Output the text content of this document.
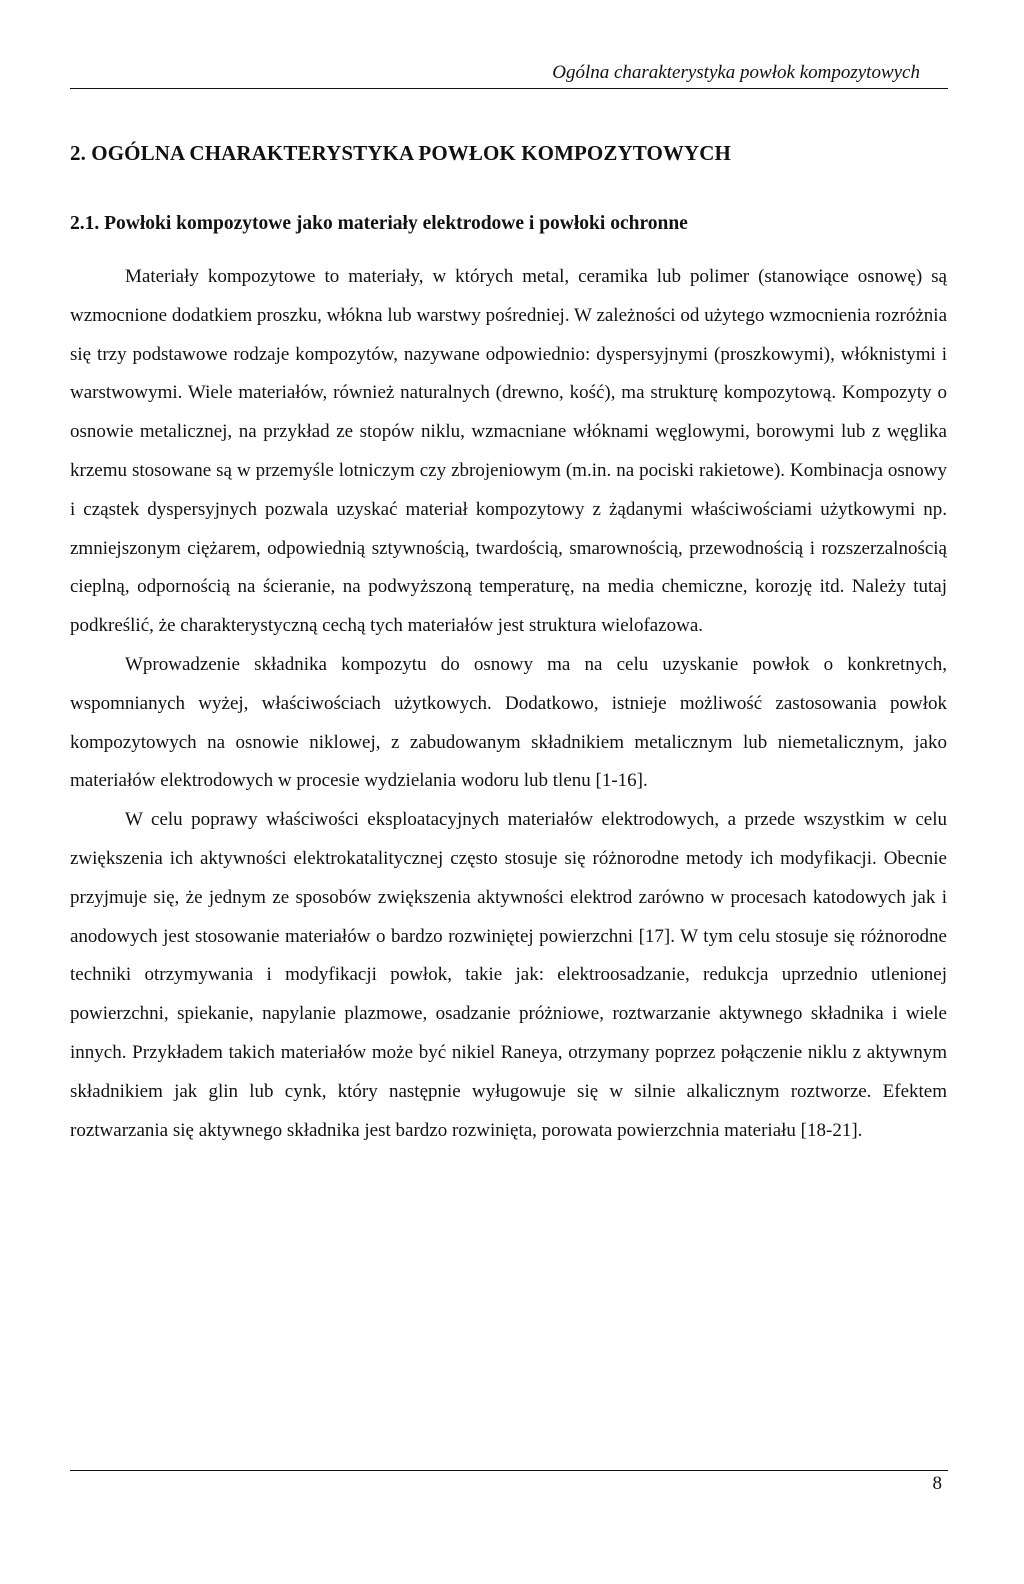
Ogólna charakterystyka powłok kompozytowych
2. OGÓLNA CHARAKTERYSTYKA POWŁOK KOMPOZYTOWYCH
2.1. Powłoki kompozytowe jako materiały elektrodowe i powłoki ochronne

Materiały kompozytowe to materiały, w których metal, ceramika lub polimer (stanowiące osnowę) są wzmocnione dodatkiem proszku, włókna lub warstwy pośredniej. W zależności od użytego wzmocnienia rozróżnia się trzy podstawowe rodzaje kompozytów, nazywane odpowiednio: dyspersyjnymi (proszkowymi), włóknistymi i warstwowymi. Wiele materiałów, również naturalnych (drewno, kość), ma strukturę kompozytową. Kompozyty o osnowie metalicznej, na przykład ze stopów niklu, wzmacniane włóknami węglowymi, borowymi lub z węglika krzemu stosowane są w przemyśle lotniczym czy zbrojeniowym (m.in. na pociski rakietowe). Kombinacja osnowy i cząstek dyspersyjnych pozwala uzyskać materiał kompozytowy z żądanymi właściwościami użytkowymi np. zmniejszonym ciężarem, odpowiednią sztywnością, twardością, smarownością, przewodnością i rozszerzalnością cieplną, odpornością na ścieranie, na podwyższoną temperaturę, na media chemiczne, korozję itd. Należy tutaj podkreślić, że charakterystyczną cechą tych materiałów jest struktura wielofazowa.

Wprowadzenie składnika kompozytu do osnowy ma na celu uzyskanie powłok o konkretnych, wspomnianych wyżej, właściwościach użytkowych. Dodatkowo, istnieje możliwość zastosowania powłok kompozytowych na osnowie niklowej, z zabudowanym składnikiem metalicznym lub niemetalicznym, jako materiałów elektrodowych w procesie wydzielania wodoru lub tlenu [1-16].

W celu poprawy właściwości eksploatacyjnych materiałów elektrodowych, a przede wszystkim w celu zwiększenia ich aktywności elektrokatalitycznej często stosuje się różnorodne metody ich modyfikacji. Obecnie przyjmuje się, że jednym ze sposobów zwiększenia aktywności elektrod zarówno w procesach katodowych jak i anodowych jest stosowanie materiałów o bardzo rozwiniętej powierzchni [17]. W tym celu stosuje się różnorodne techniki otrzymywania i modyfikacji powłok, takie jak: elektroosadzanie, redukcja uprzednio utlenionej powierzchni, spiekanie, napylanie plazmowe, osadzanie próżniowe, roztwarzanie aktywnego składnika i wiele innych. Przykładem takich materiałów może być nikiel Raneya, otrzymany poprzez połączenie niklu z aktywnym składnikiem jak glin lub cynk, który następnie wyługowuje się w silnie alkalicznym roztworze. Efektem roztwarzania się aktywnego składnika jest bardzo rozwinięta, porowata powierzchnia materiału [18-21].

8
